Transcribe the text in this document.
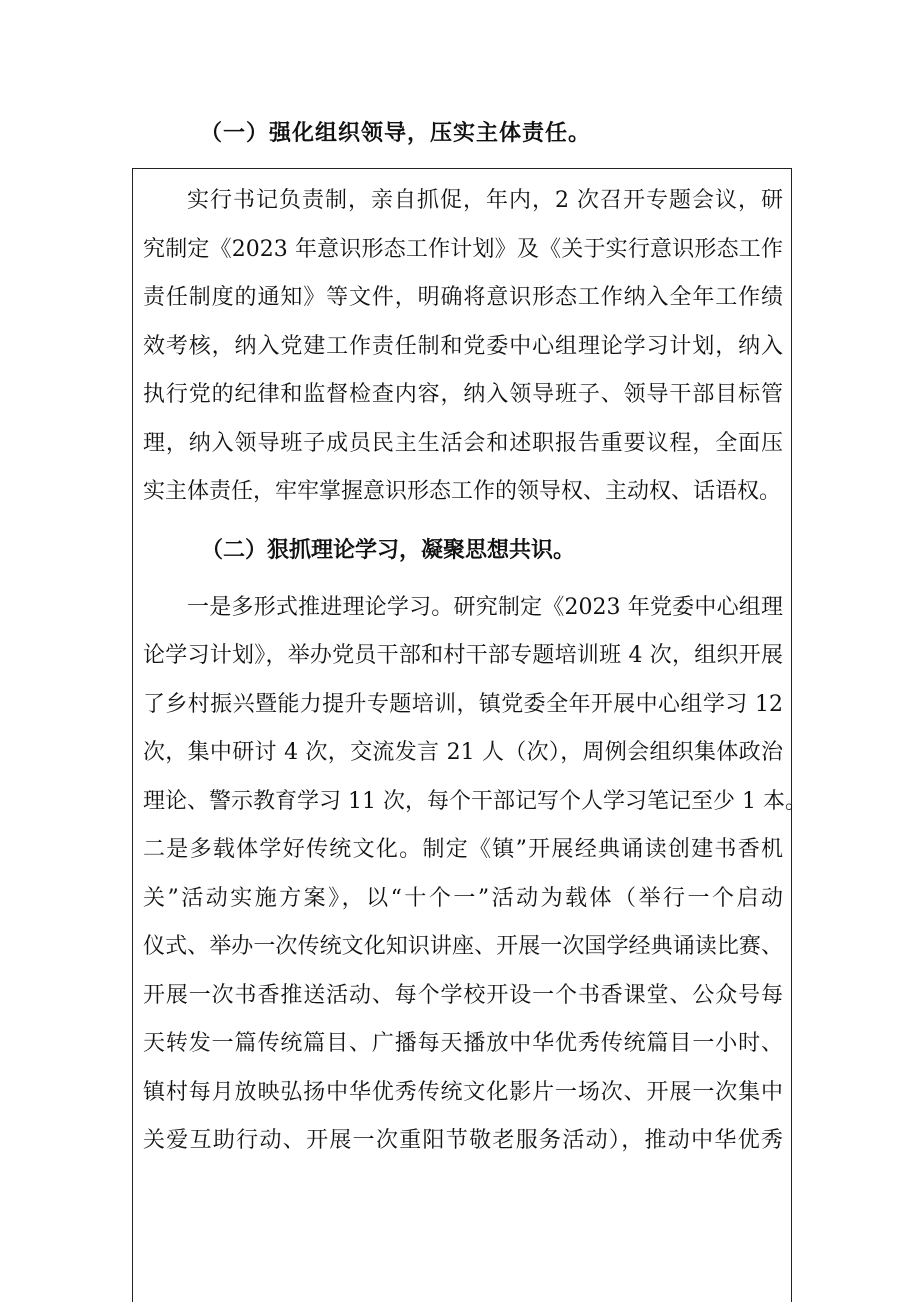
（一）强化组织领导，压实主体责任。
实行书记负责制，亲自抓促，年内，2 次召开专题会议，研
究制定《2023 年意识形态工作计划》及《关于实行意识形态工作
责任制度的通知》等文件，明确将意识形态工作纳入全年工作绩
效考核，纳入党建工作责任制和党委中心组理论学习计划，纳入
执行党的纪律和监督检查内容，纳入领导班子、领导干部目标管
理，纳入领导班子成员民主生活会和述职报告重要议程，全面压
实主体责任，牢牢掌握意识形态工作的领导权、主动权、话语权。
（二）狠抓理论学习，凝聚思想共识。
一是多形式推进理论学习。研究制定《2023 年党委中心组理
论学习计划》，举办党员干部和村干部专题培训班 4 次，组织开展
了乡村振兴暨能力提升专题培训，镇党委全年开展中心组学习 12
次，集中研讨 4 次，交流发言 21 人（次），周例会组织集体政治
理论、警示教育学习 11 次，每个干部记写个人学习笔记至少 1 本。
二是多载体学好传统文化。制定《镇”开展经典诵读创建书香机
关”活动实施方案》，以“十个一”活动为载体（举行一个启动
仪式、举办一次传统文化知识讲座、开展一次国学经典诵读比赛、
开展一次书香推送活动、每个学校开设一个书香课堂、公众号每
天转发一篇传统篇目、广播每天播放中华优秀传统篇目一小时、
镇村每月放映弘扬中华优秀传统文化影片一场次、开展一次集中
关爱互助行动、开展一次重阳节敬老服务活动），推动中华优秀
